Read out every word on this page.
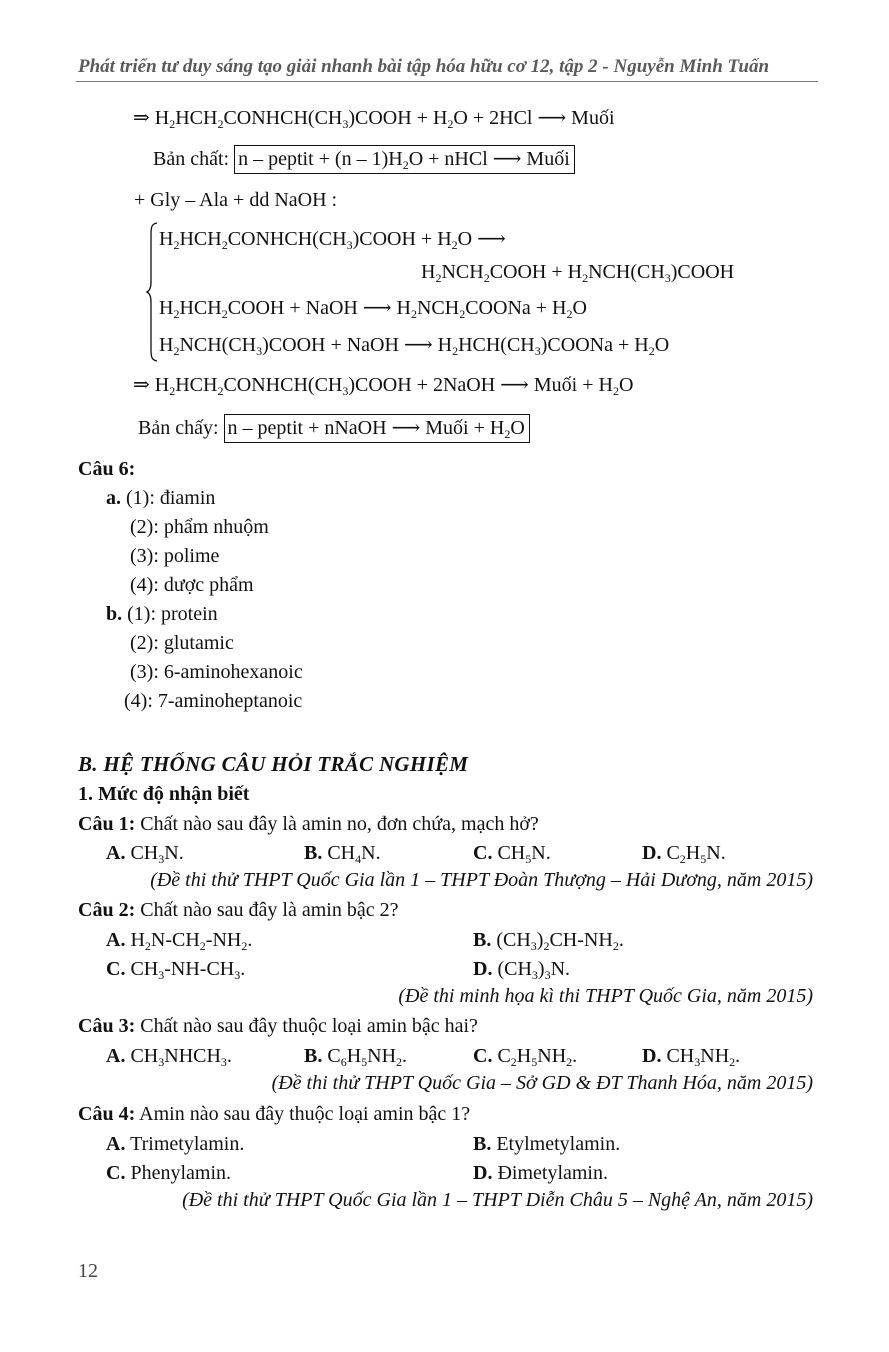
Phát triển tư duy sáng tạo giải nhanh bài tập hóa hữu cơ 12, tập 2 - Nguyễn Minh Tuấn
⇒ $H_2HCH_2CONHCH(CH_3)COOH + H_2O + 2HCl$ ⟶ Muối
Bản chất: n – peptit + $(n - 1)H_2O$ + nHCl ⟶ Muối
+ Gly – Ala + dd NaOH :
$H_2HCH_2CONHCH(CH_3)COOH + H_2O$ ⟶
$H_2NCH_2COOH$ + $H_2NCH(CH_3)COOH$
$H_2HCH_2COOH$ + NaOH ⟶ $H_2NCH_2COONa + H_2O$
$H_2NCH(CH_3)COOH$ + NaOH ⟶ $H_2HCH(CH_3)COONa + H_2O$
⇒ $H_2HCH_2CONHCH(CH_3)COOH$ + 2NaOH ⟶ Muối + $H_2O$
Bản chấy: n – peptit + nNaOH ⟶ Muối + $H_2O$
Câu 6:
a. (1): điamin
(2): phẩm nhuộm
(3): polime
(4): dược phẩm
b. (1): protein
(2): glutamic
(3): 6-aminohexanoic
(4): 7-aminoheptanoic
B. HỆ THỐNG CÂU HỎI TRẮC NGHIỆM
1. Mức độ nhận biết
Câu 1: Chất nào sau đây là amin no, đơn chứa, mạch hở?
A. $CH_3N$.	B. $CH_4N$.	C. $CH_5N$.	D. $C_2H_5N$.
(Đề thi thử THPT Quốc Gia lần 1 – THPT Đoàn Thượng – Hải Dương, năm 2015)
Câu 2: Chất nào sau đây là amin bậc 2?
A. $H_2N-CH_2-NH_2$.	B. $(CH_3)_2CH-NH_2$.
C. $CH_3-NH-CH_3$.	D. $(CH_3)_3N$.
(Đề thi minh họa kì thi THPT Quốc Gia, năm 2015)
Câu 3: Chất nào sau đây thuộc loại amin bậc hai?
A. $CH_3NHCH_3$.	B. $C_6H_5NH_2$.	C. $C_2H_5NH_2$.	D. $CH_3NH_2$.
(Đề thi thử THPT Quốc Gia – Sở GD & ĐT Thanh Hóa, năm 2015)
Câu 4: Amin nào sau đây thuộc loại amin bậc 1?
A. Trimetylamin.	B. Etylmetylamin.
C. Phenylamin.	D. Đimetylamin.
(Đề thi thử THPT Quốc Gia lần 1 – THPT Diễn Châu 5 – Nghệ An, năm 2015)
12
